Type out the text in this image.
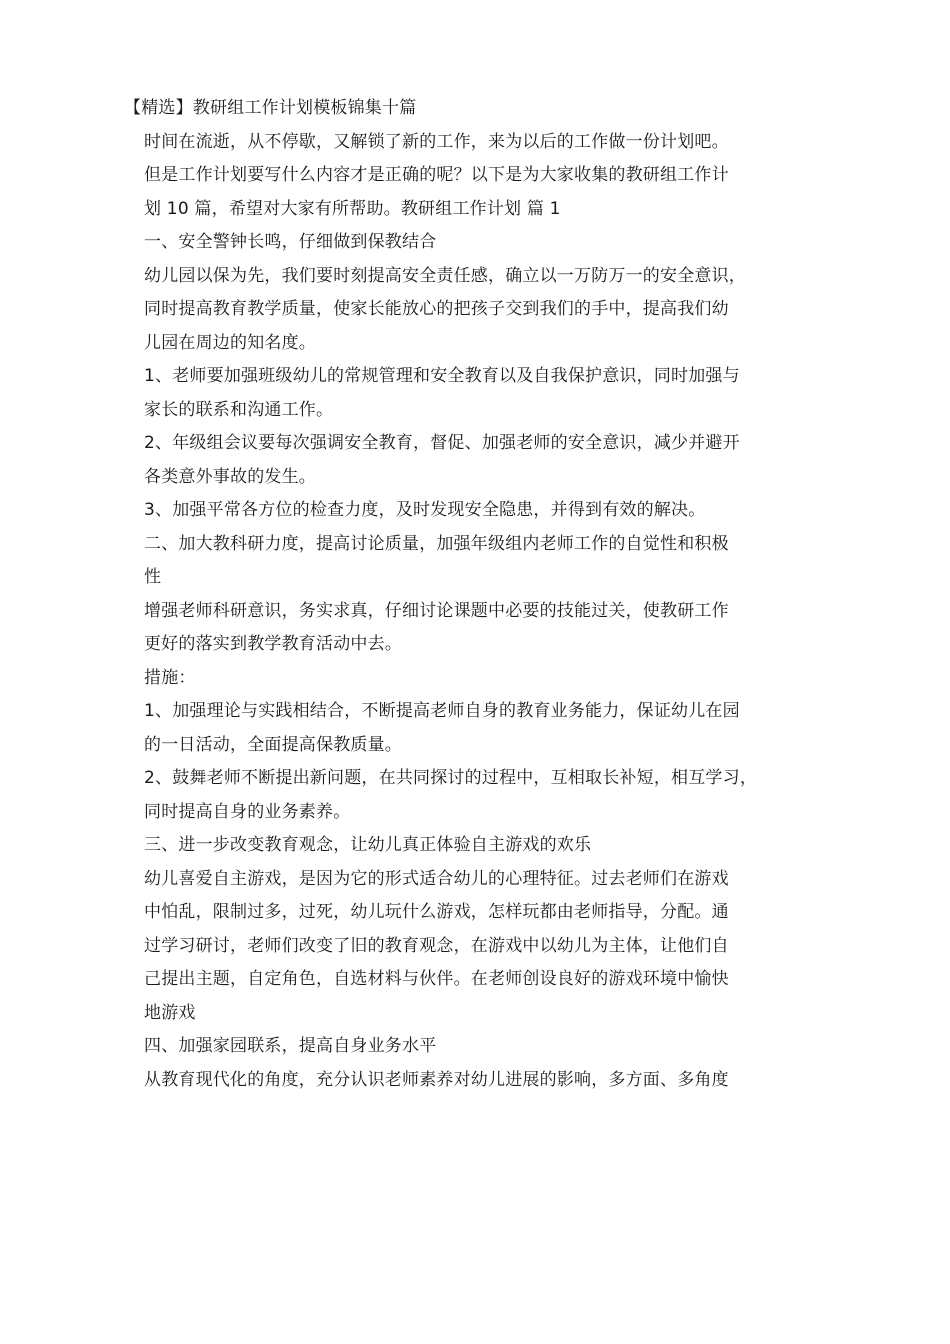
【精选】教研组工作计划模板锦集十篇
时间在流逝，从不停歇，又解锁了新的工作，来为以后的工作做一份计划吧。
但是工作计划要写什么内容才是正确的呢？以下是为大家收集的教研组工作计
划 10 篇，希望对大家有所帮助。教研组工作计划 篇 1
一、安全警钟长鸣，仔细做到保教结合
幼儿园以保为先，我们要时刻提高安全责任感，确立以一万防万一的安全意识，
同时提高教育教学质量，使家长能放心的把孩子交到我们的手中，提高我们幼
儿园在周边的知名度。
1、老师要加强班级幼儿的常规管理和安全教育以及自我保护意识，同时加强与
家长的联系和沟通工作。
2、年级组会议要每次强调安全教育，督促、加强老师的安全意识，减少并避开
各类意外事故的发生。
3、加强平常各方位的检查力度，及时发现安全隐患，并得到有效的解决。
二、加大教科研力度，提高讨论质量，加强年级组内老师工作的自觉性和积极
性
增强老师科研意识，务实求真，仔细讨论课题中必要的技能过关，使教研工作
更好的落实到教学教育活动中去。
措施：
1、加强理论与实践相结合，不断提高老师自身的教育业务能力，保证幼儿在园
的一日活动，全面提高保教质量。
2、鼓舞老师不断提出新问题，在共同探讨的过程中，互相取长补短，相互学习，
同时提高自身的业务素养。
三、进一步改变教育观念，让幼儿真正体验自主游戏的欢乐
幼儿喜爱自主游戏，是因为它的形式适合幼儿的心理特征。过去老师们在游戏
中怕乱，限制过多，过死，幼儿玩什么游戏，怎样玩都由老师指导，分配。通
过学习研讨，老师们改变了旧的教育观念，在游戏中以幼儿为主体，让他们自
己提出主题，自定角色，自选材料与伙伴。在老师创设良好的游戏环境中愉快
地游戏
四、加强家园联系，提高自身业务水平
从教育现代化的角度，充分认识老师素养对幼儿进展的影响，多方面、多角度
